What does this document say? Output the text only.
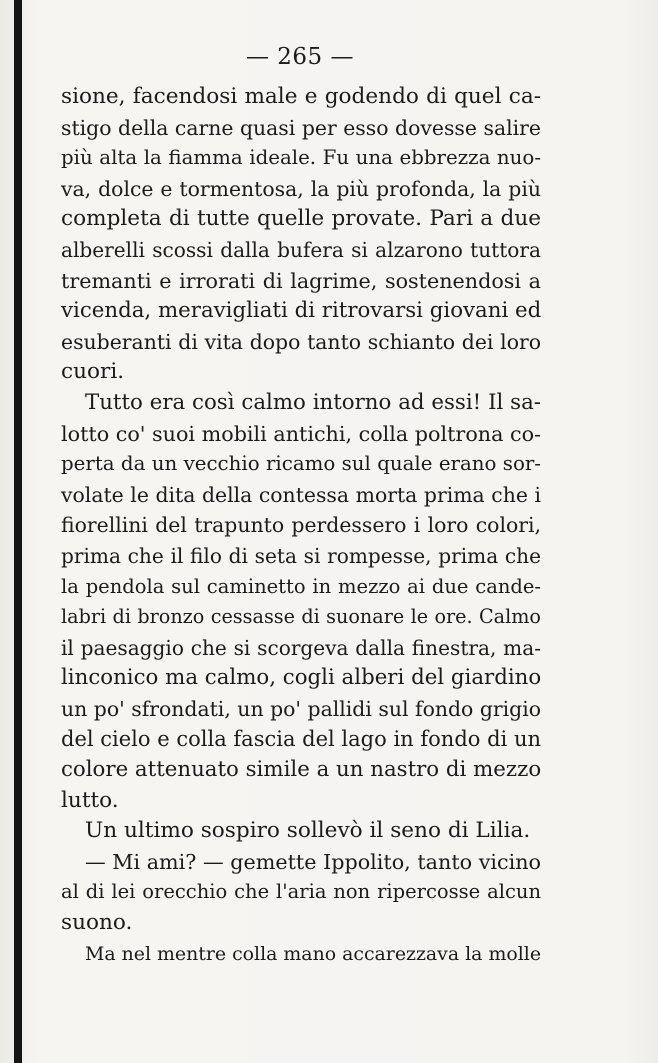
— 265 —
sione, facendosi male e godendo di quel ca-
stigo della carne quasi per esso dovesse salire
più alta la fiamma ideale. Fu una ebbrezza nuo-
va, dolce e tormentosa, la più profonda, la più
completa di tutte quelle provate. Pari a due
alberelli scossi dalla bufera si alzarono tuttora
tremanti e irrorati di lagrime, sostenendosi a
vicenda, meravigliati di ritrovarsi giovani ed
esuberanti di vita dopo tanto schianto dei loro
cuori.
Tutto era così calmo intorno ad essi! Il sa-
lotto co' suoi mobili antichi, colla poltrona co-
perta da un vecchio ricamo sul quale erano sor-
volate le dita della contessa morta prima che i
fiorellini del trapunto perdessero i loro colori,
prima che il filo di seta si rompesse, prima che
la pendola sul caminetto in mezzo ai due cande-
labri di bronzo cessasse di suonare le ore. Calmo
il paesaggio che si scorgeva dalla finestra, ma-
linconico ma calmo, cogli alberi del giardino
un po' sfrondati, un po' pallidi sul fondo grigio
del cielo e colla fascia del lago in fondo di un
colore attenuato simile a un nastro di mezzo
lutto.
Un ultimo sospiro sollevò il seno di Lilia.
— Mi ami? — gemette Ippolito, tanto vicino
al di lei orecchio che l'aria non ripercosse alcun
suono.
Ma nel mentre colla mano accarezzava la molle
